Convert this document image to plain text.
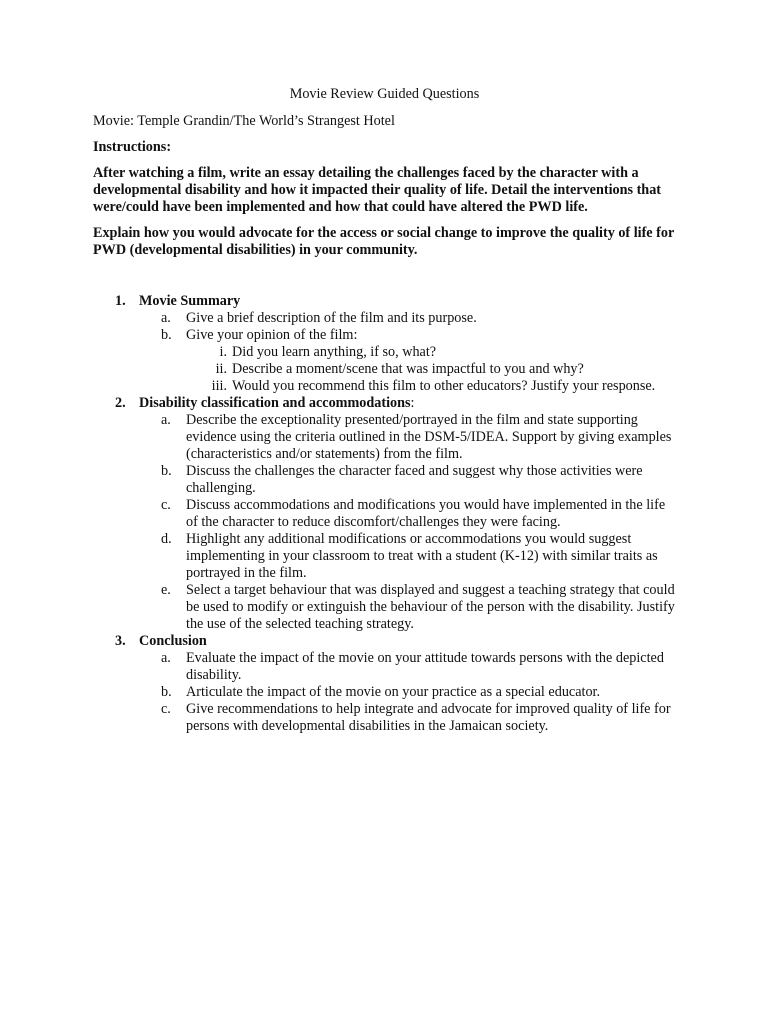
Movie Review Guided Questions
Movie: Temple Grandin/The World’s Strangest Hotel
Instructions:
After watching a film, write an essay detailing the challenges faced by the character with a developmental disability and how it impacted their quality of life. Detail the interventions that were/could have been implemented and how that could have altered the PWD life.
Explain how you would advocate for the access or social change to improve the quality of life for PWD (developmental disabilities) in your community.
1. Movie Summary
a.	Give a brief description of the film and its purpose.
b.	Give your opinion of the film:
i. Did you learn anything, if so, what?
ii. Describe a moment/scene that was impactful to you and why?
iii. Would you recommend this film to other educators? Justify your response.
2. Disability classification and accommodations:
a.	Describe the exceptionality presented/portrayed in the film and state supporting evidence using the criteria outlined in the DSM-5/IDEA. Support by giving examples (characteristics and/or statements) from the film.
b.	Discuss the challenges the character faced and suggest why those activities were challenging.
c.	Discuss accommodations and modifications you would have implemented in the life of the character to reduce discomfort/challenges they were facing.
d.	Highlight any additional modifications or accommodations you would suggest implementing in your classroom to treat with a student (K-12) with similar traits as portrayed in the film.
e.	Select a target behaviour that was displayed and suggest a teaching strategy that could be used to modify or extinguish the behaviour of the person with the disability. Justify the use of the selected teaching strategy.
3. Conclusion
a.	Evaluate the impact of the movie on your attitude towards persons with the depicted disability.
b.	Articulate the impact of the movie on your practice as a special educator.
c.	Give recommendations to help integrate and advocate for improved quality of life for persons with developmental disabilities in the Jamaican society.
